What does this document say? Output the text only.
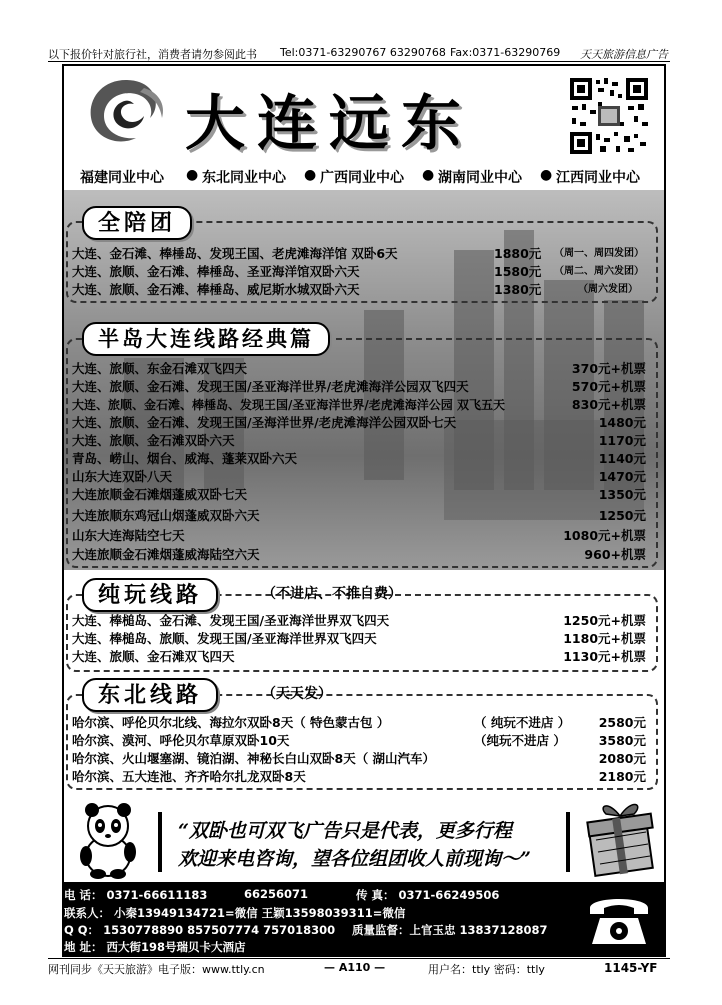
以下报价针对旅行社，消费者请勿参阅此书 Tel:0371-63290767 63290768 Fax:0371-63290769 天天旅游信息广告
大连远东
福建同业中心 ● 东北同业中心 ● 广西同业中心 ● 湖南同业中心 ● 江西同业中心
全陪团
大连、金石滩、棒棰岛、发现王国、老虎滩海洋馆 双卧6天	1880元 （周一、周四发团）
大连、旅顺、金石滩、棒棰岛、圣亚海洋馆双卧六天	1580元 （周二、周六发团）
大连、旅顺、金石滩、棒棰岛、威尼斯水城双卧六天	1380元	（周六发团）
半岛大连线路经典篇
大连、旅顺、东金石滩双飞四天	370元+机票
大连、旅顺、金石滩、发现王国/圣亚海洋世界/老虎滩海洋公园双飞四天	570元+机票
大连、旅顺、金石滩、棒棰岛、发现王国/圣亚海洋世界/老虎滩海洋公园 双飞五天	830元+机票
大连、旅顺、金石滩、发现王国/圣海洋世界/老虎滩海洋公园双卧七天	1480元
大连、旅顺、金石滩双卧六天	1170元
青岛、崂山、烟台、威海、蓬莱双卧六天	1140元
山东大连双卧八天	1470元
大连旅顺金石滩烟蓬威双卧七天	1350元
大连旅顺东鸡冠山烟蓬威双卧六天	1250元
山东大连海陆空七天	1080元+机票
大连旅顺金石滩烟蓬威海陆空六天	960+机票
纯玩线路	（不进店、不推自费）
大连、棒槌岛、金石滩、发现王国/圣亚海洋世界双飞四天	1250元+机票
大连、棒槌岛、旅顺、发现王国/圣亚海洋世界双飞四天	1180元+机票
大连、旅顺、金石滩双飞四天	1130元+机票
东北线路	（天天发）
哈尔滨、呼伦贝尔北线、海拉尔双卧8天（ 特色蒙古包 ）	（ 纯玩不进店 ） 2580元
哈尔滨、漠河、呼伦贝尔草原双卧10天	（纯玩不进店 ）	3580元
哈尔滨、火山堰塞湖、镜泊湖、神秘长白山双卧8天（ 湖山汽车）	2080元
哈尔滨、五大连池、齐齐哈尔扎龙双卧8天	2180元
“双卧也可双飞广告只是代表，更多行程
欢迎来电咨询，望各位组团收人前现询～”
电 话： 0371-66611183	66256071	传 真： 0371-66249506
联系人： 小秦13949134721=微信 王颖13598039311=微信
Q Q： 1530778890 857507774 757018300 质量监督：上官玉忠 13837128087
地 址： 西大街198号瑞贝卡大酒店
网刊同步《天天旅游》电子版：www.ttly.cn	— A110 —	用户名：ttly 密码：ttly	1145-YF
